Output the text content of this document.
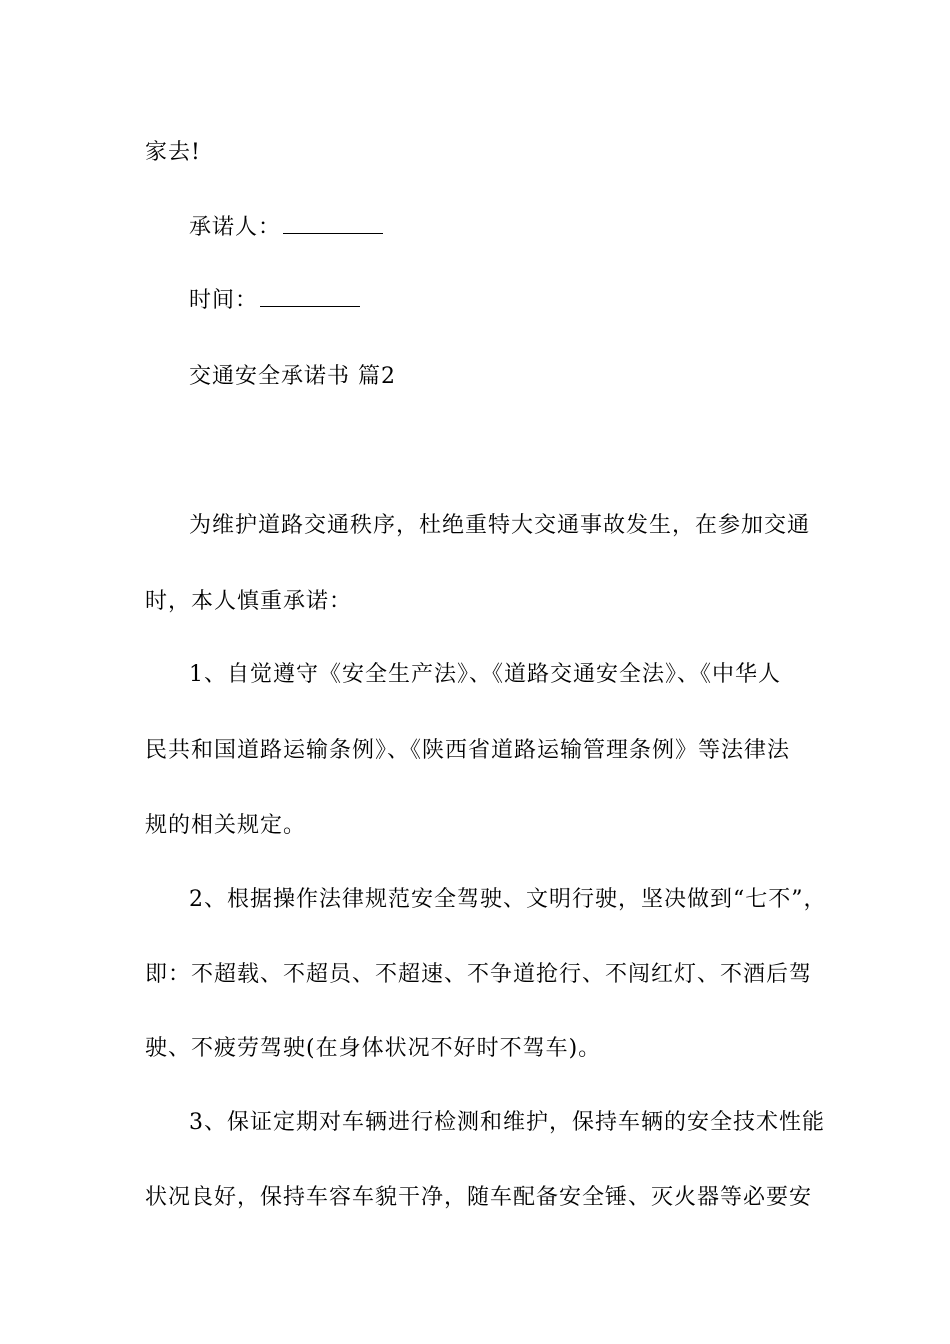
家去!
承诺人：
时间：
交通安全承诺书 篇2
为维护道路交通秩序，杜绝重特大交通事故发生，在参加交通
时，本人慎重承诺：
1、自觉遵守《安全生产法》、《道路交通安全法》、《中华人
民共和国道路运输条例》、《陕西省道路运输管理条例》等法律法
规的相关规定。
2、根据操作法律规范安全驾驶、文明行驶，坚决做到“七不”，
即：不超载、不超员、不超速、不争道抢行、不闯红灯、不酒后驾
驶、不疲劳驾驶(在身体状况不好时不驾车)。
3、保证定期对车辆进行检测和维护，保持车辆的安全技术性能
状况良好，保持车容车貌干净，随车配备安全锤、灭火器等必要安
